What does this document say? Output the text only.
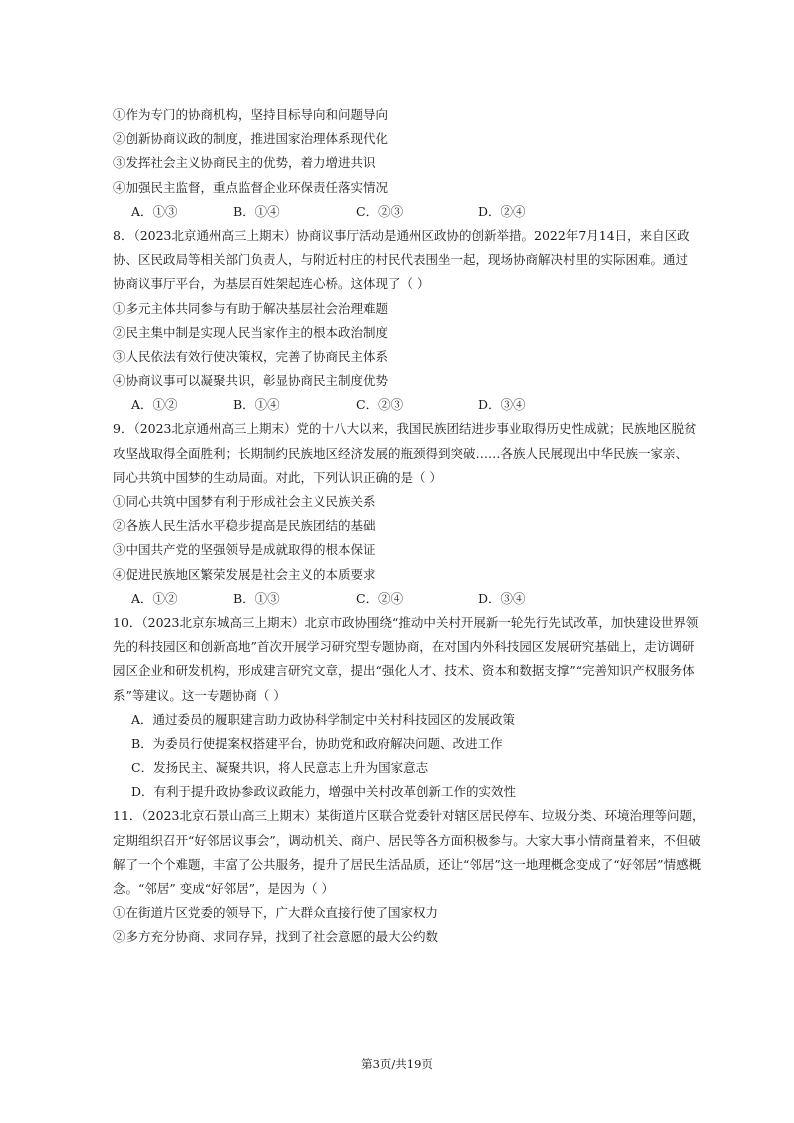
①作为专门的协商机构，坚持目标导向和问题导向
②创新协商议政的制度，推进国家治理体系现代化
③发挥社会主义协商民主的优势，着力增进共识
④加强民主监督，重点监督企业环保责任落实情况
A．①③	B．①④	C．②③	D．②④
8．（2023北京通州高三上期末）协商议事厅活动是通州区政协的创新举措。2022年7月14日，来自区政
协、区民政局等相关部门负责人，与附近村庄的村民代表围坐一起，现场协商解决村里的实际困难。通过
协商议事厅平台，为基层百姓架起连心桥。这体现了（ ）
①多元主体共同参与有助于解决基层社会治理难题
②民主集中制是实现人民当家作主的根本政治制度
③人民依法有效行使决策权，完善了协商民主体系
④协商议事可以凝聚共识，彰显协商民主制度优势
A．①②	B．①④	C．②③	D．③④
9．（2023北京通州高三上期末）党的十八大以来，我国民族团结进步事业取得历史性成就；民族地区脱贫
攻坚战取得全面胜利；长期制约民族地区经济发展的瓶颈得到突破……各族人民展现出中华民族一家亲、
同心共筑中国梦的生动局面。对此，下列认识正确的是（ ）
①同心共筑中国梦有利于形成社会主义民族关系
②各族人民生活水平稳步提高是民族团结的基础
③中国共产党的坚强领导是成就取得的根本保证
④促进民族地区繁荣发展是社会主义的本质要求
A．①②	B．①③	C．②④	D．③④
10．（2023北京东城高三上期末）北京市政协围绕“推动中关村开展新一轮先行先试改革，加快建设世界领
先的科技园区和创新高地”首次开展学习研究型专题协商，在对国内外科技园区发展研究基础上，走访调研
园区企业和研发机构，形成建言研究文章，提出“强化人才、技术、资本和数据支撑”“完善知识产权服务体
系”等建议。这一专题协商（ ）
A．通过委员的履职建言助力政协科学制定中关村科技园区的发展政策
B．为委员行使提案权搭建平台，协助党和政府解决问题、改进工作
C．发扬民主、凝聚共识，将人民意志上升为国家意志
D．有利于提升政协参政议政能力，增强中关村改革创新工作的实效性
11．（2023北京石景山高三上期末）某街道片区联合党委针对辖区居民停车、垃圾分类、环境治理等问题，
定期组织召开“好邻居议事会”，调动机关、商户、居民等各方面积极参与。大家大事小情商量着来，不但破
解了一个个难题，丰富了公共服务，提升了居民生活品质，还让“邻居”这一地理概念变成了“好邻居”情感概
念。“邻居” 变成“好邻居”，是因为（ ）
①在街道片区党委的领导下，广大群众直接行使了国家权力
②多方充分协商、求同存异，找到了社会意愿的最大公约数
第3页/共19页
